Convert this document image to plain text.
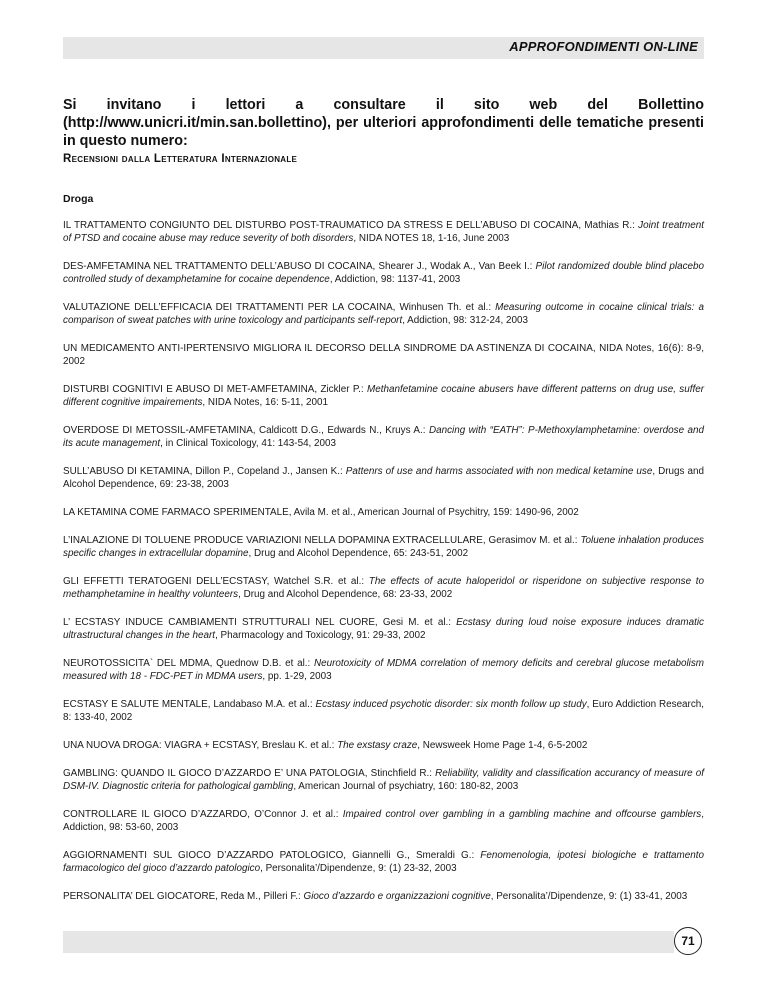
APPROFONDIMENTI ON-LINE
Si invitano i lettori a consultare il sito web del Bollettino (http://www.unicri.it/min.san.bollettino), per ulteriori approfondimenti delle tematiche presenti in questo numero:
Recensioni dalla Letteratura Internazionale
Droga

IL TRATTAMENTO CONGIUNTO DEL DISTURBO POST-TRAUMATICO DA STRESS E DELL’ABUSO DI COCAINA, Mathias R.: Joint treatment of PTSD and cocaine abuse may reduce severity of both disorders, NIDA NOTES 18, 1-16, June 2003

DES-AMFETAMINA NEL TRATTAMENTO DELL’ABUSO DI COCAINA, Shearer J., Wodak A., Van Beek I.: Pilot randomized double blind placebo controlled study of dexamphetamine for cocaine dependence, Addiction, 98: 1137-41, 2003

VALUTAZIONE DELL’EFFICACIA DEI TRATTAMENTI PER LA COCAINA, Winhusen Th. et al.: Measuring outcome in cocaine clinical trials: a comparison of sweat patches with urine toxicology and participants self-report, Addiction, 98: 312-24, 2003

UN MEDICAMENTO ANTI-IPERTENSIVO MIGLIORA IL DECORSO DELLA SINDROME DA ASTINENZA DI COCAINA, NIDA Notes, 16(6): 8-9, 2002

DISTURBI COGNITIVI E ABUSO DI MET-AMFETAMINA, Zickler P.: Methanfetamine cocaine abusers have different patterns on drug use, suffer different cognitive impairements, NIDA Notes, 16: 5-11, 2001

OVERDOSE DI METOSSIL-AMFETAMINA, Caldicott D.G., Edwards N., Kruys A.: Dancing with “EATH”: P-Methoxylamphetamine: overdose and its acute management, in Clinical Toxicology, 41: 143-54, 2003

SULL’ABUSO DI KETAMINA, Dillon P., Copeland J., Jansen K.: Pattenrs of use and harms associated with non medical ketamine use, Drugs and Alcohol Dependence, 69: 23-38, 2003

LA KETAMINA COME FARMACO SPERIMENTALE, Avila M. et al., American Journal of Psychitry, 159: 1490-96, 2002

L’INALAZIONE DI TOLUENE PRODUCE VARIAZIONI NELLA DOPAMINA EXTRACELLULARE, Gerasimov M. et al.: Toluene inhalation produces specific changes in extracellular dopamine, Drug and Alcohol Dependence, 65: 243-51, 2002

GLI EFFETTI TERATOGENI DELL’ECSTASY, Watchel S.R. et al.: The effects of acute haloperidol or risperidone on subjective response to methamphetamine in healthy volunteers, Drug and Alcohol Dependence, 68: 23-33, 2002

L’ ECSTASY INDUCE CAMBIAMENTI STRUTTURALI NEL CUORE, Gesi M. et al.: Ecstasy during loud noise exposure induces dramatic ultrastructural changes in the heart, Pharmacology and Toxicology, 91: 29-33, 2002

NEUROTOSSICITA` DEL MDMA, Quednow D.B. et al.: Neurotoxicity of MDMA correlation of memory deficits and cerebral glucose metabolism measured with 18 - FDC-PET in MDMA users, pp. 1-29, 2003

ECSTASY E SALUTE MENTALE, Landabaso M.A. et al.: Ecstasy induced psychotic disorder: six month follow up study, Euro Addiction Research, 8: 133-40, 2002

UNA NUOVA DROGA: VIAGRA + ECSTASY, Breslau K. et al.: The exstasy craze, Newsweek Home Page 1-4, 6-5-2002

GAMBLING: QUANDO IL GIOCO D’AZZARDO E’ UNA PATOLOGIA, Stinchfield R.: Reliability, validity and classification accurancy of measure of DSM-IV. Diagnostic criteria for pathological gambling, American Journal of psychiatry, 160: 180-82, 2003

CONTROLLARE IL GIOCO D’AZZARDO, O’Connor J. et al.: Impaired control over gambling in a gambling machine and offcourse gamblers, Addiction, 98: 53-60, 2003

AGGIORNAMENTI SUL GIOCO D’AZZARDO PATOLOGICO, Giannelli G., Smeraldi G.: Fenomenologia, ipotesi biologiche e trattamento farmacologico del gioco d’azzardo patologico, Personalita’/Dipendenze, 9: (1) 23-32, 2003

PERSONALITA’ DEL GIOCATORE, Reda M., Pilleri F.: Gioco d’azzardo e organizzazioni cognitive, Personalita’/Dipendenze, 9: (1) 33-41, 2003

71
